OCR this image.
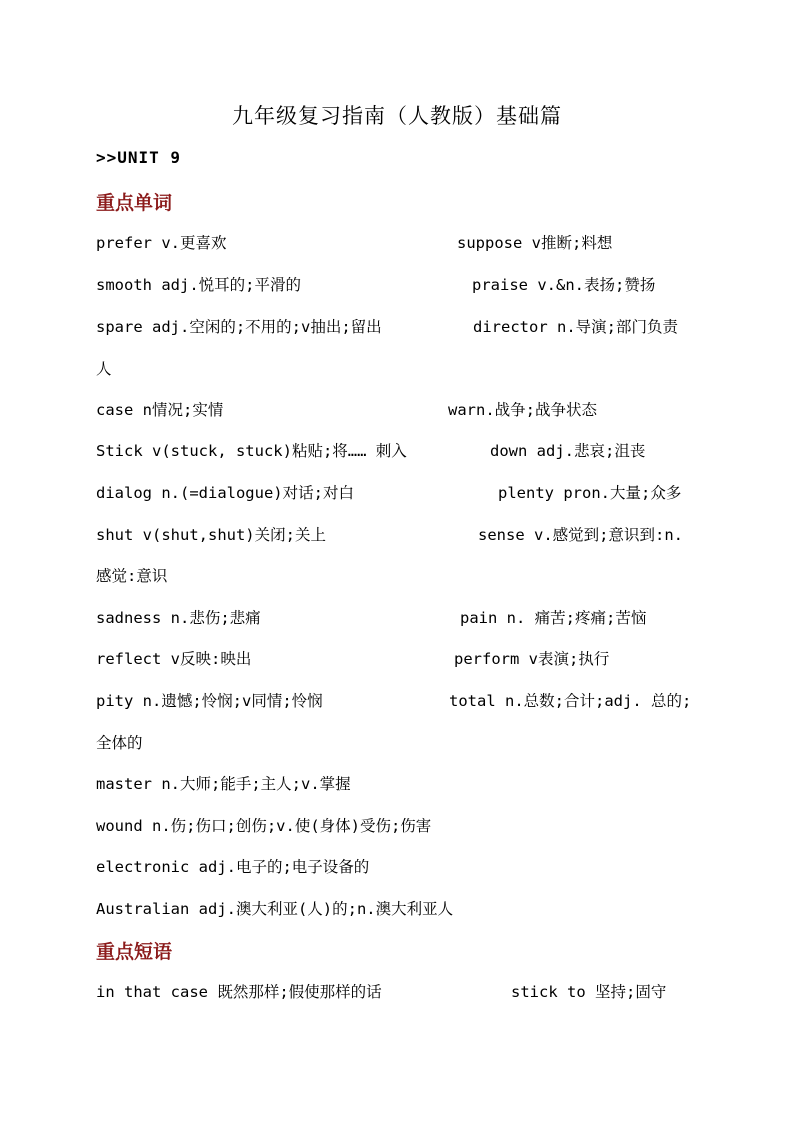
九年级复习指南（人教版）基础篇
>>UNIT 9
重点单词
prefer v.更喜欢	suppose v推断;料想
smooth adj.悦耳的;平滑的	praise v.&n.表扬;赞扬
spare adj.空闲的;不用的;v抽出;留出	director n.导演;部门负责
人
case n情况;实情	warn.战争;战争状态
Stick v(stuck, stuck)粘贴;将…… 刺入	down adj.悲哀;沮丧
dialog n.(=dialogue)对话;对白	plenty pron.大量;众多
shut v(shut,shut)关闭;关上	sense v.感觉到;意识到:n.
感觉:意识
sadness n.悲伤;悲痛	pain n. 痛苦;疼痛;苦恼
reflect v反映:映出	perform v表演;执行
pity n.遗憾;怜悯;v同情;怜悯	total n.总数;合计;adj. 总的;
全体的
master n.大师;能手;主人;v.掌握
wound n.伤;伤口;创伤;v.使(身体)受伤;伤害
electronic adj.电子的;电子设备的
Australian adj.澳大利亚(人)的;n.澳大利亚人
重点短语
in that case 既然那样;假使那样的话	stick to 坚持;固守
